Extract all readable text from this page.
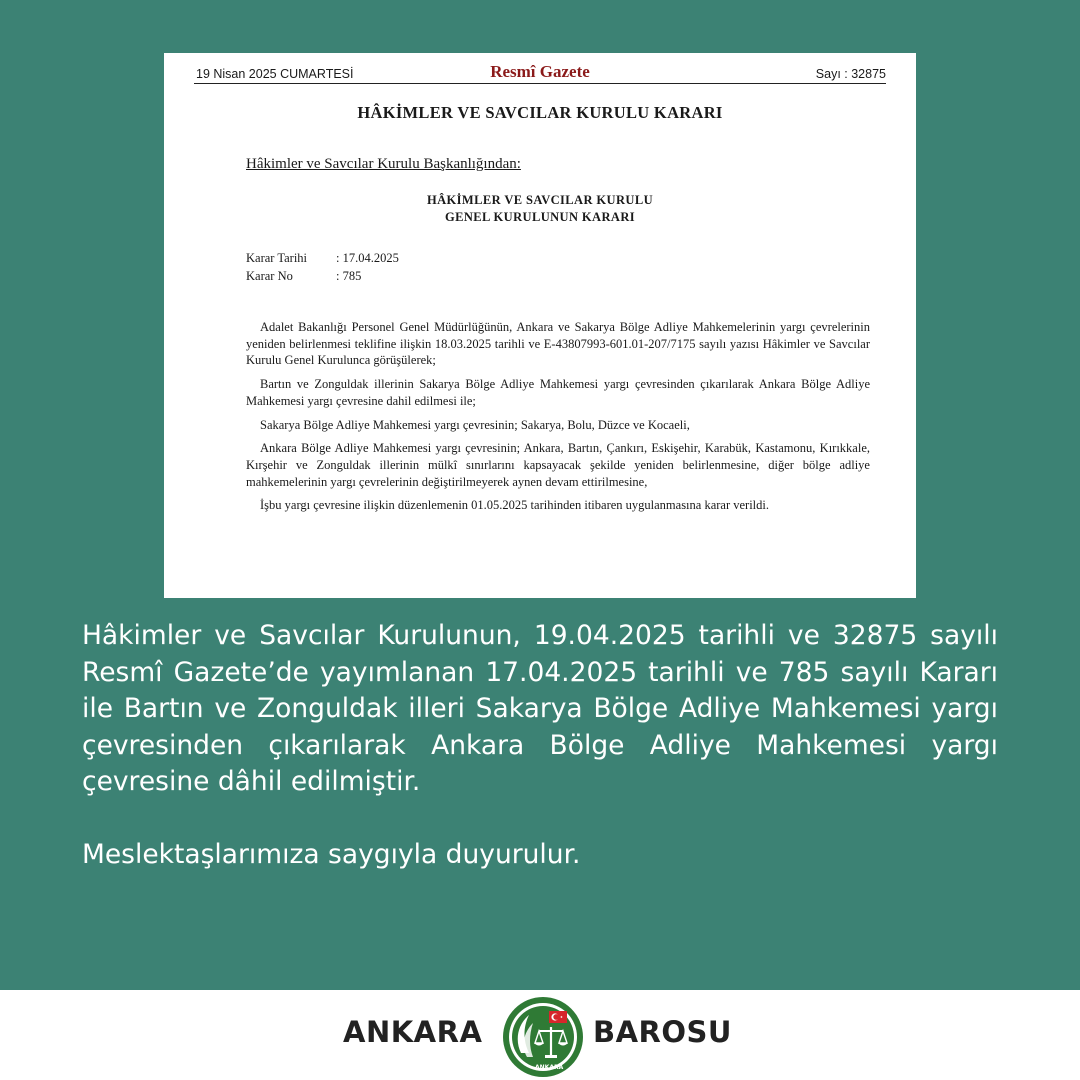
19 Nisan 2025 CUMARTESİ	Resmî Gazete	Sayı : 32875
HÂKİMLER VE SAVCILAR KURULU KARARI
Hâkimler ve Savcılar Kurulu Başkanlığından:
HÂKİMLER VE SAVCILAR KURULU
GENEL KURULUNUN KARARI
Karar Tarihi : 17.04.2025
Karar No	: 785

Adalet Bakanlığı Personel Genel Müdürlüğünün, Ankara ve Sakarya Bölge Adliye Mahkemelerinin yargı çevrelerinin yeniden belirlenmesi teklifine ilişkin 18.03.2025 tarihli ve E-43807993-601.01-207/7175 sayılı yazısı Hâkimler ve Savcılar Kurulu Genel Kurulunca görüşülerek;

Bartın ve Zonguldak illerinin Sakarya Bölge Adliye Mahkemesi yargı çevresinden çıkarılarak Ankara Bölge Adliye Mahkemesi yargı çevresine dahil edilmesi ile;

Sakarya Bölge Adliye Mahkemesi yargı çevresinin; Sakarya, Bolu, Düzce ve Kocaeli,

Ankara Bölge Adliye Mahkemesi yargı çevresinin; Ankara, Bartın, Çankırı, Eskişehir, Karabük, Kastamonu, Kırıkkale, Kırşehir ve Zonguldak illerinin mülkî sınırlarını kapsayacak şekilde yeniden belirlenmesine, diğer bölge adliye mahkemelerinin yargı çevrelerinin değiştirilmeyerek aynen devam ettirilmesine,

İşbu yargı çevresine ilişkin düzenlemenin 01.05.2025 tarihinden itibaren uygulanmasına karar verildi.

Hâkimler ve Savcılar Kurulunun, 19.04.2025 tarihli ve 32875 sayılı Resmî Gazete’de yayımlanan 17.04.2025 tarihli ve 785 sayılı Kararı ile Bartın ve Zonguldak illeri Sakarya Bölge Adliye Mahkemesi yargı çevresinden çıkarılarak Ankara Bölge Adliye Mahkemesi yargı çevresine dâhil edilmiştir.
Meslektaşlarımıza saygıyla duyurulur.
ANKARA
ANKARA
BAROSU
